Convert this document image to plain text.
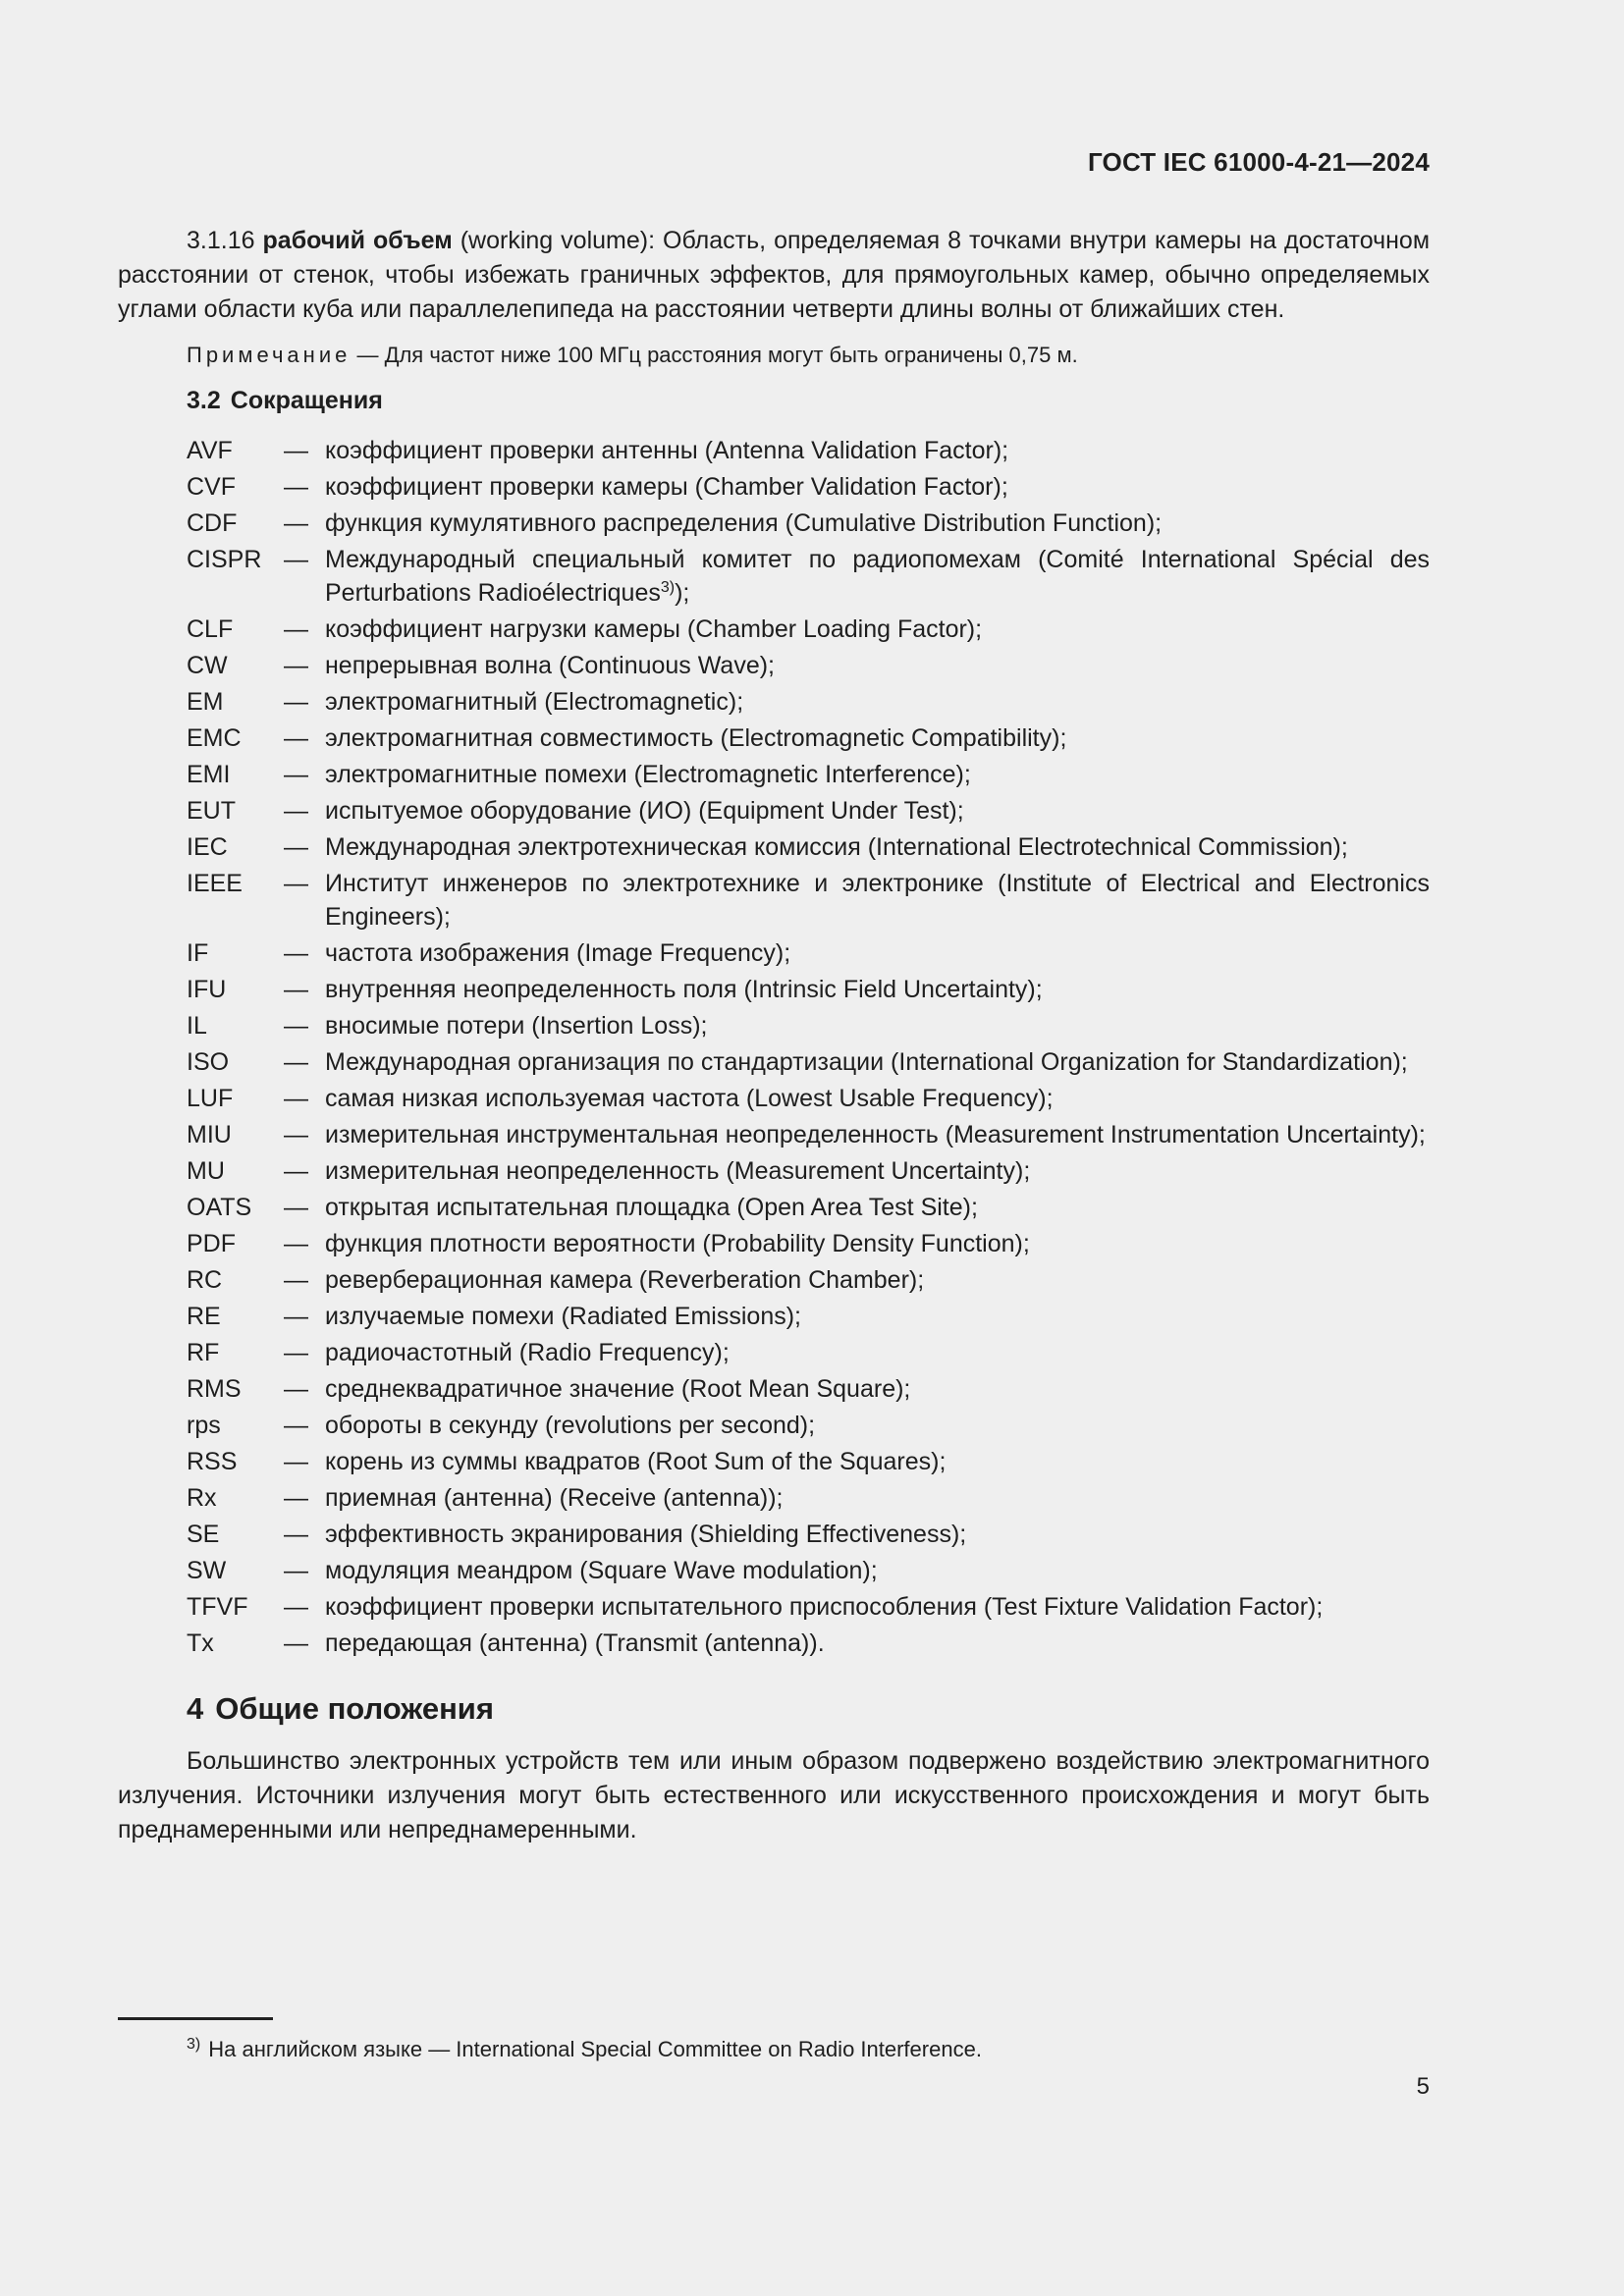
ГОСТ IEC 61000-4-21—2024

3.1.16 рабочий объем (working volume): Область, определяемая 8 точками внутри камеры на достаточном расстоянии от стенок, чтобы избежать граничных эффектов, для прямоугольных камер, обычно определяемых углами области куба или параллелепипеда на расстоянии четверти длины волны от ближайших стен.

Примечание — Для частот ниже 100 МГц расстояния могут быть ограничены 0,75 м.
3.2 Сокращения
AVF	— коэффициент проверки антенны (Antenna Validation Factor);
CVF	— коэффициент проверки камеры (Chamber Validation Factor);
CDF	— функция кумулятивного распределения (Cumulative Distribution Function);
CISPR — Международный специальный комитет по радиопомехам (Comité International Spécial des Perturbations Radioélectriques$^{3)}$);
CLF	— коэффициент нагрузки камеры (Chamber Loading Factor);
CW	— непрерывная волна (Continuous Wave);
EM	— электромагнитный (Electromagnetic);
EMC	— электромагнитная совместимость (Electromagnetic Compatibility);
EMI	— электромагнитные помехи (Electromagnetic Interference);
EUT	— испытуемое оборудование (ИО) (Equipment Under Test);
IEC	— Международная электротехническая комиссия (International Electrotechnical Commission);
IEEE	— Институт инженеров по электротехнике и электронике (Institute of Electrical and Electronics Engineers);
IF	— частота изображения (Image Frequency);
IFU	— внутренняя неопределенность поля (Intrinsic Field Uncertainty);
IL	— вносимые потери (Insertion Loss);
ISO	— Международная организация по стандартизации (International Organization for Standardization);
LUF	— самая низкая используемая частота (Lowest Usable Frequency);
MIU	— измерительная инструментальная неопределенность (Measurement Instrumentation Uncertainty);
MU	— измерительная неопределенность (Measurement Uncertainty);
OATS	— открытая испытательная площадка (Open Area Test Site);
PDF	— функция плотности вероятности (Probability Density Function);
RC	— реверберационная камера (Reverberation Chamber);
RE	— излучаемые помехи (Radiated Emissions);
RF	— радиочастотный (Radio Frequency);
RMS	— среднеквадратичное значение (Root Mean Square);
rps	— обороты в секунду (revolutions per second);
RSS	— корень из суммы квадратов (Root Sum of the Squares);
Rx	— приемная (антенна) (Receive (antenna));
SE	— эффективность экранирования (Shielding Effectiveness);
SW	— модуляция меандром (Square Wave modulation);
TFVF	— коэффициент проверки испытательного приспособления (Test Fixture Validation Factor);
Tx	— передающая (антенна) (Transmit (antenna)).
4 Общие положения

Большинство электронных устройств тем или иным образом подвержено воздействию электромагнитного излучения. Источники излучения могут быть естественного или искусственного происхождения и могут быть преднамеренными или непреднамеренными.

$^{3)}$ На английском языке — International Special Committee on Radio Interference.
5
